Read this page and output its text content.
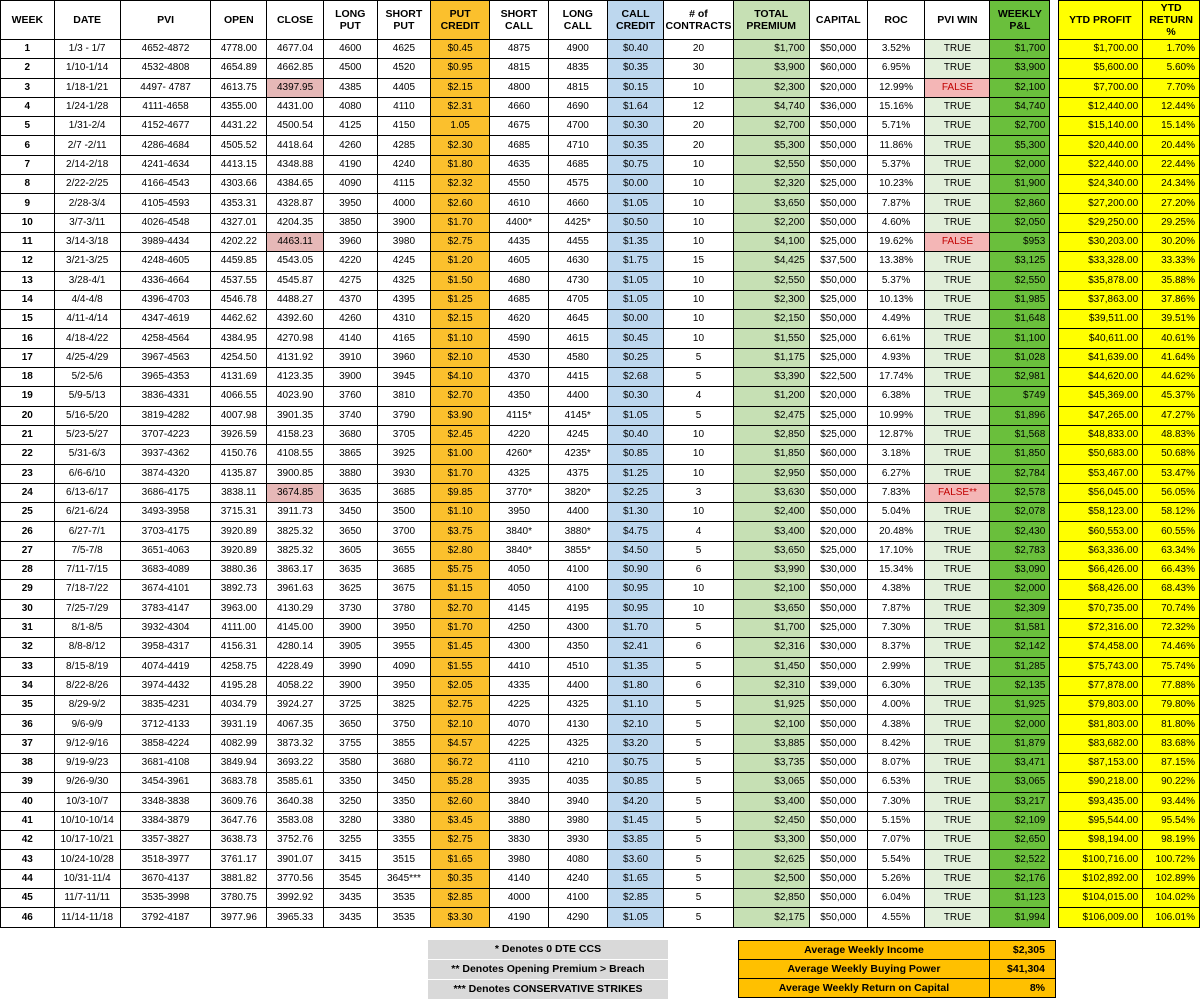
WEEK	DATE	PVI	OPEN	CLOSE	LONG PUT	SHORT PUT	PUT CREDIT	SHORT CALL	LONG CALL	CALL CREDIT	# of CONTRACTS	TOTAL PREMIUM	CAPITAL	ROC	PVI WIN	WEEKLY P&L		YTD PROFIT	YTD RETURN %
1	1/3 - 1/7	4652-4872	4778.00	4677.04	4600	4625	$0.45	4875	4900	$0.40	20	$1,700	$50,000	3.52%	TRUE	$1,700		$1,700.00	1.70%
2	1/10-1/14	4532-4808	4654.89	4662.85	4500	4520	$0.95	4815	4835	$0.35	30	$3,900	$60,000	6.95%	TRUE	$3,900		$5,600.00	5.60%
3	1/18-1/21	4497- 4787	4613.75	4397.95	4385	4405	$2.15	4800	4815	$0.15	10	$2,300	$20,000	12.99%	FALSE	$2,100		$7,700.00	7.70%
4	1/24-1/28	4111-4658	4355.00	4431.00	4080	4110	$2.31	4660	4690	$1.64	12	$4,740	$36,000	15.16%	TRUE	$4,740		$12,440.00	12.44%
5	1/31-2/4	4152-4677	4431.22	4500.54	4125	4150	1.05	4675	4700	$0.30	20	$2,700	$50,000	5.71%	TRUE	$2,700		$15,140.00	15.14%
6	2/7 -2/11	4286-4684	4505.52	4418.64	4260	4285	$2.30	4685	4710	$0.35	20	$5,300	$50,000	11.86%	TRUE	$5,300		$20,440.00	20.44%
7	2/14-2/18	4241-4634	4413.15	4348.88	4190	4240	$1.80	4635	4685	$0.75	10	$2,550	$50,000	5.37%	TRUE	$2,000		$22,440.00	22.44%
8	2/22-2/25	4166-4543	4303.66	4384.65	4090	4115	$2.32	4550	4575	$0.00	10	$2,320	$25,000	10.23%	TRUE	$1,900		$24,340.00	24.34%
9	2/28-3/4	4105-4593	4353.31	4328.87	3950	4000	$2.60	4610	4660	$1.05	10	$3,650	$50,000	7.87%	TRUE	$2,860		$27,200.00	27.20%
10	3/7-3/11	4026-4548	4327.01	4204.35	3850	3900	$1.70	4400*	4425*	$0.50	10	$2,200	$50,000	4.60%	TRUE	$2,050		$29,250.00	29.25%
11	3/14-3/18	3989-4434	4202.22	4463.11	3960	3980	$2.75	4435	4455	$1.35	10	$4,100	$25,000	19.62%	FALSE	$953		$30,203.00	30.20%
12	3/21-3/25	4248-4605	4459.85	4543.05	4220	4245	$1.20	4605	4630	$1.75	15	$4,425	$37,500	13.38%	TRUE	$3,125		$33,328.00	33.33%
13	3/28-4/1	4336-4664	4537.55	4545.87	4275	4325	$1.50	4680	4730	$1.05	10	$2,550	$50,000	5.37%	TRUE	$2,550		$35,878.00	35.88%
14	4/4-4/8	4396-4703	4546.78	4488.27	4370	4395	$1.25	4685	4705	$1.05	10	$2,300	$25,000	10.13%	TRUE	$1,985		$37,863.00	37.86%
15	4/11-4/14	4347-4619	4462.62	4392.60	4260	4310	$2.15	4620	4645	$0.00	10	$2,150	$50,000	4.49%	TRUE	$1,648		$39,511.00	39.51%
16	4/18-4/22	4258-4564	4384.95	4270.98	4140	4165	$1.10	4590	4615	$0.45	10	$1,550	$25,000	6.61%	TRUE	$1,100		$40,611.00	40.61%
17	4/25-4/29	3967-4563	4254.50	4131.92	3910	3960	$2.10	4530	4580	$0.25	5	$1,175	$25,000	4.93%	TRUE	$1,028		$41,639.00	41.64%
18	5/2-5/6	3965-4353	4131.69	4123.35	3900	3945	$4.10	4370	4415	$2.68	5	$3,390	$22,500	17.74%	TRUE	$2,981		$44,620.00	44.62%
19	5/9-5/13	3836-4331	4066.55	4023.90	3760	3810	$2.70	4350	4400	$0.30	4	$1,200	$20,000	6.38%	TRUE	$749		$45,369.00	45.37%
20	5/16-5/20	3819-4282	4007.98	3901.35	3740	3790	$3.90	4115*	4145*	$1.05	5	$2,475	$25,000	10.99%	TRUE	$1,896		$47,265.00	47.27%
21	5/23-5/27	3707-4223	3926.59	4158.23	3680	3705	$2.45	4220	4245	$0.40	10	$2,850	$25,000	12.87%	TRUE	$1,568		$48,833.00	48.83%
22	5/31-6/3	3937-4362	4150.76	4108.55	3865	3925	$1.00	4260*	4235*	$0.85	10	$1,850	$60,000	3.18%	TRUE	$1,850		$50,683.00	50.68%
23	6/6-6/10	3874-4320	4135.87	3900.85	3880	3930	$1.70	4325	4375	$1.25	10	$2,950	$50,000	6.27%	TRUE	$2,784		$53,467.00	53.47%
24	6/13-6/17	3686-4175	3838.11	3674.85	3635	3685	$9.85	3770*	3820*	$2.25	3	$3,630	$50,000	7.83%	FALSE**	$2,578		$56,045.00	56.05%
25	6/21-6/24	3493-3958	3715.31	3911.73	3450	3500	$1.10	3950	4400	$1.30	10	$2,400	$50,000	5.04%	TRUE	$2,078		$58,123.00	58.12%
26	6/27-7/1	3703-4175	3920.89	3825.32	3650	3700	$3.75	3840*	3880*	$4.75	4	$3,400	$20,000	20.48%	TRUE	$2,430		$60,553.00	60.55%
27	7/5-7/8	3651-4063	3920.89	3825.32	3605	3655	$2.80	3840*	3855*	$4.50	5	$3,650	$25,000	17.10%	TRUE	$2,783		$63,336.00	63.34%
28	7/11-7/15	3683-4089	3880.36	3863.17	3635	3685	$5.75	4050	4100	$0.90	6	$3,990	$30,000	15.34%	TRUE	$3,090		$66,426.00	66.43%
29	7/18-7/22	3674-4101	3892.73	3961.63	3625	3675	$1.15	4050	4100	$0.95	10	$2,100	$50,000	4.38%	TRUE	$2,000		$68,426.00	68.43%
30	7/25-7/29	3783-4147	3963.00	4130.29	3730	3780	$2.70	4145	4195	$0.95	10	$3,650	$50,000	7.87%	TRUE	$2,309		$70,735.00	70.74%
31	8/1-8/5	3932-4304	4111.00	4145.00	3900	3950	$1.70	4250	4300	$1.70	5	$1,700	$25,000	7.30%	TRUE	$1,581		$72,316.00	72.32%
32	8/8-8/12	3958-4317	4156.31	4280.14	3905	3955	$1.45	4300	4350	$2.41	6	$2,316	$30,000	8.37%	TRUE	$2,142		$74,458.00	74.46%
33	8/15-8/19	4074-4419	4258.75	4228.49	3990	4090	$1.55	4410	4510	$1.35	5	$1,450	$50,000	2.99%	TRUE	$1,285		$75,743.00	75.74%
34	8/22-8/26	3974-4432	4195.28	4058.22	3900	3950	$2.05	4335	4400	$1.80	6	$2,310	$39,000	6.30%	TRUE	$2,135		$77,878.00	77.88%
35	8/29-9/2	3835-4231	4034.79	3924.27	3725	3825	$2.75	4225	4325	$1.10	5	$1,925	$50,000	4.00%	TRUE	$1,925		$79,803.00	79.80%
36	9/6-9/9	3712-4133	3931.19	4067.35	3650	3750	$2.10	4070	4130	$2.10	5	$2,100	$50,000	4.38%	TRUE	$2,000		$81,803.00	81.80%
37	9/12-9/16	3858-4224	4082.99	3873.32	3755	3855	$4.57	4225	4325	$3.20	5	$3,885	$50,000	8.42%	TRUE	$1,879		$83,682.00	83.68%
38	9/19-9/23	3681-4108	3849.94	3693.22	3580	3680	$6.72	4110	4210	$0.75	5	$3,735	$50,000	8.07%	TRUE	$3,471		$87,153.00	87.15%
39	9/26-9/30	3454-3961	3683.78	3585.61	3350	3450	$5.28	3935	4035	$0.85	5	$3,065	$50,000	6.53%	TRUE	$3,065		$90,218.00	90.22%
40	10/3-10/7	3348-3838	3609.76	3640.38	3250	3350	$2.60	3840	3940	$4.20	5	$3,400	$50,000	7.30%	TRUE	$3,217		$93,435.00	93.44%
41	10/10-10/14	3384-3879	3647.76	3583.08	3280	3380	$3.45	3880	3980	$1.45	5	$2,450	$50,000	5.15%	TRUE	$2,109		$95,544.00	95.54%
42	10/17-10/21	3357-3827	3638.73	3752.76	3255	3355	$2.75	3830	3930	$3.85	5	$3,300	$50,000	7.07%	TRUE	$2,650		$98,194.00	98.19%
43	10/24-10/28	3518-3977	3761.17	3901.07	3415	3515	$1.65	3980	4080	$3.60	5	$2,625	$50,000	5.54%	TRUE	$2,522		$100,716.00	100.72%
44	10/31-11/4	3670-4137	3881.82	3770.56	3545	3645***	$0.35	4140	4240	$1.65	5	$2,500	$50,000	5.26%	TRUE	$2,176		$102,892.00	102.89%
45	11/7-11/11	3535-3998	3780.75	3992.92	3435	3535	$2.85	4000	4100	$2.85	5	$2,850	$50,000	6.04%	TRUE	$1,123		$104,015.00	104.02%
46	11/14-11/18	3792-4187	3977.96	3965.33	3435	3535	$3.30	4190	4290	$1.05	5	$2,175	$50,000	4.55%	TRUE	$1,994		$106,009.00	106.01%
* Denotes 0 DTE CCS
** Denotes Opening Premium > Breach
*** Denotes CONSERVATIVE STRIKES
Average Weekly Income	$2,305
Average Weekly Buying Power	$41,304
Average Weekly Return on Capital	8%
